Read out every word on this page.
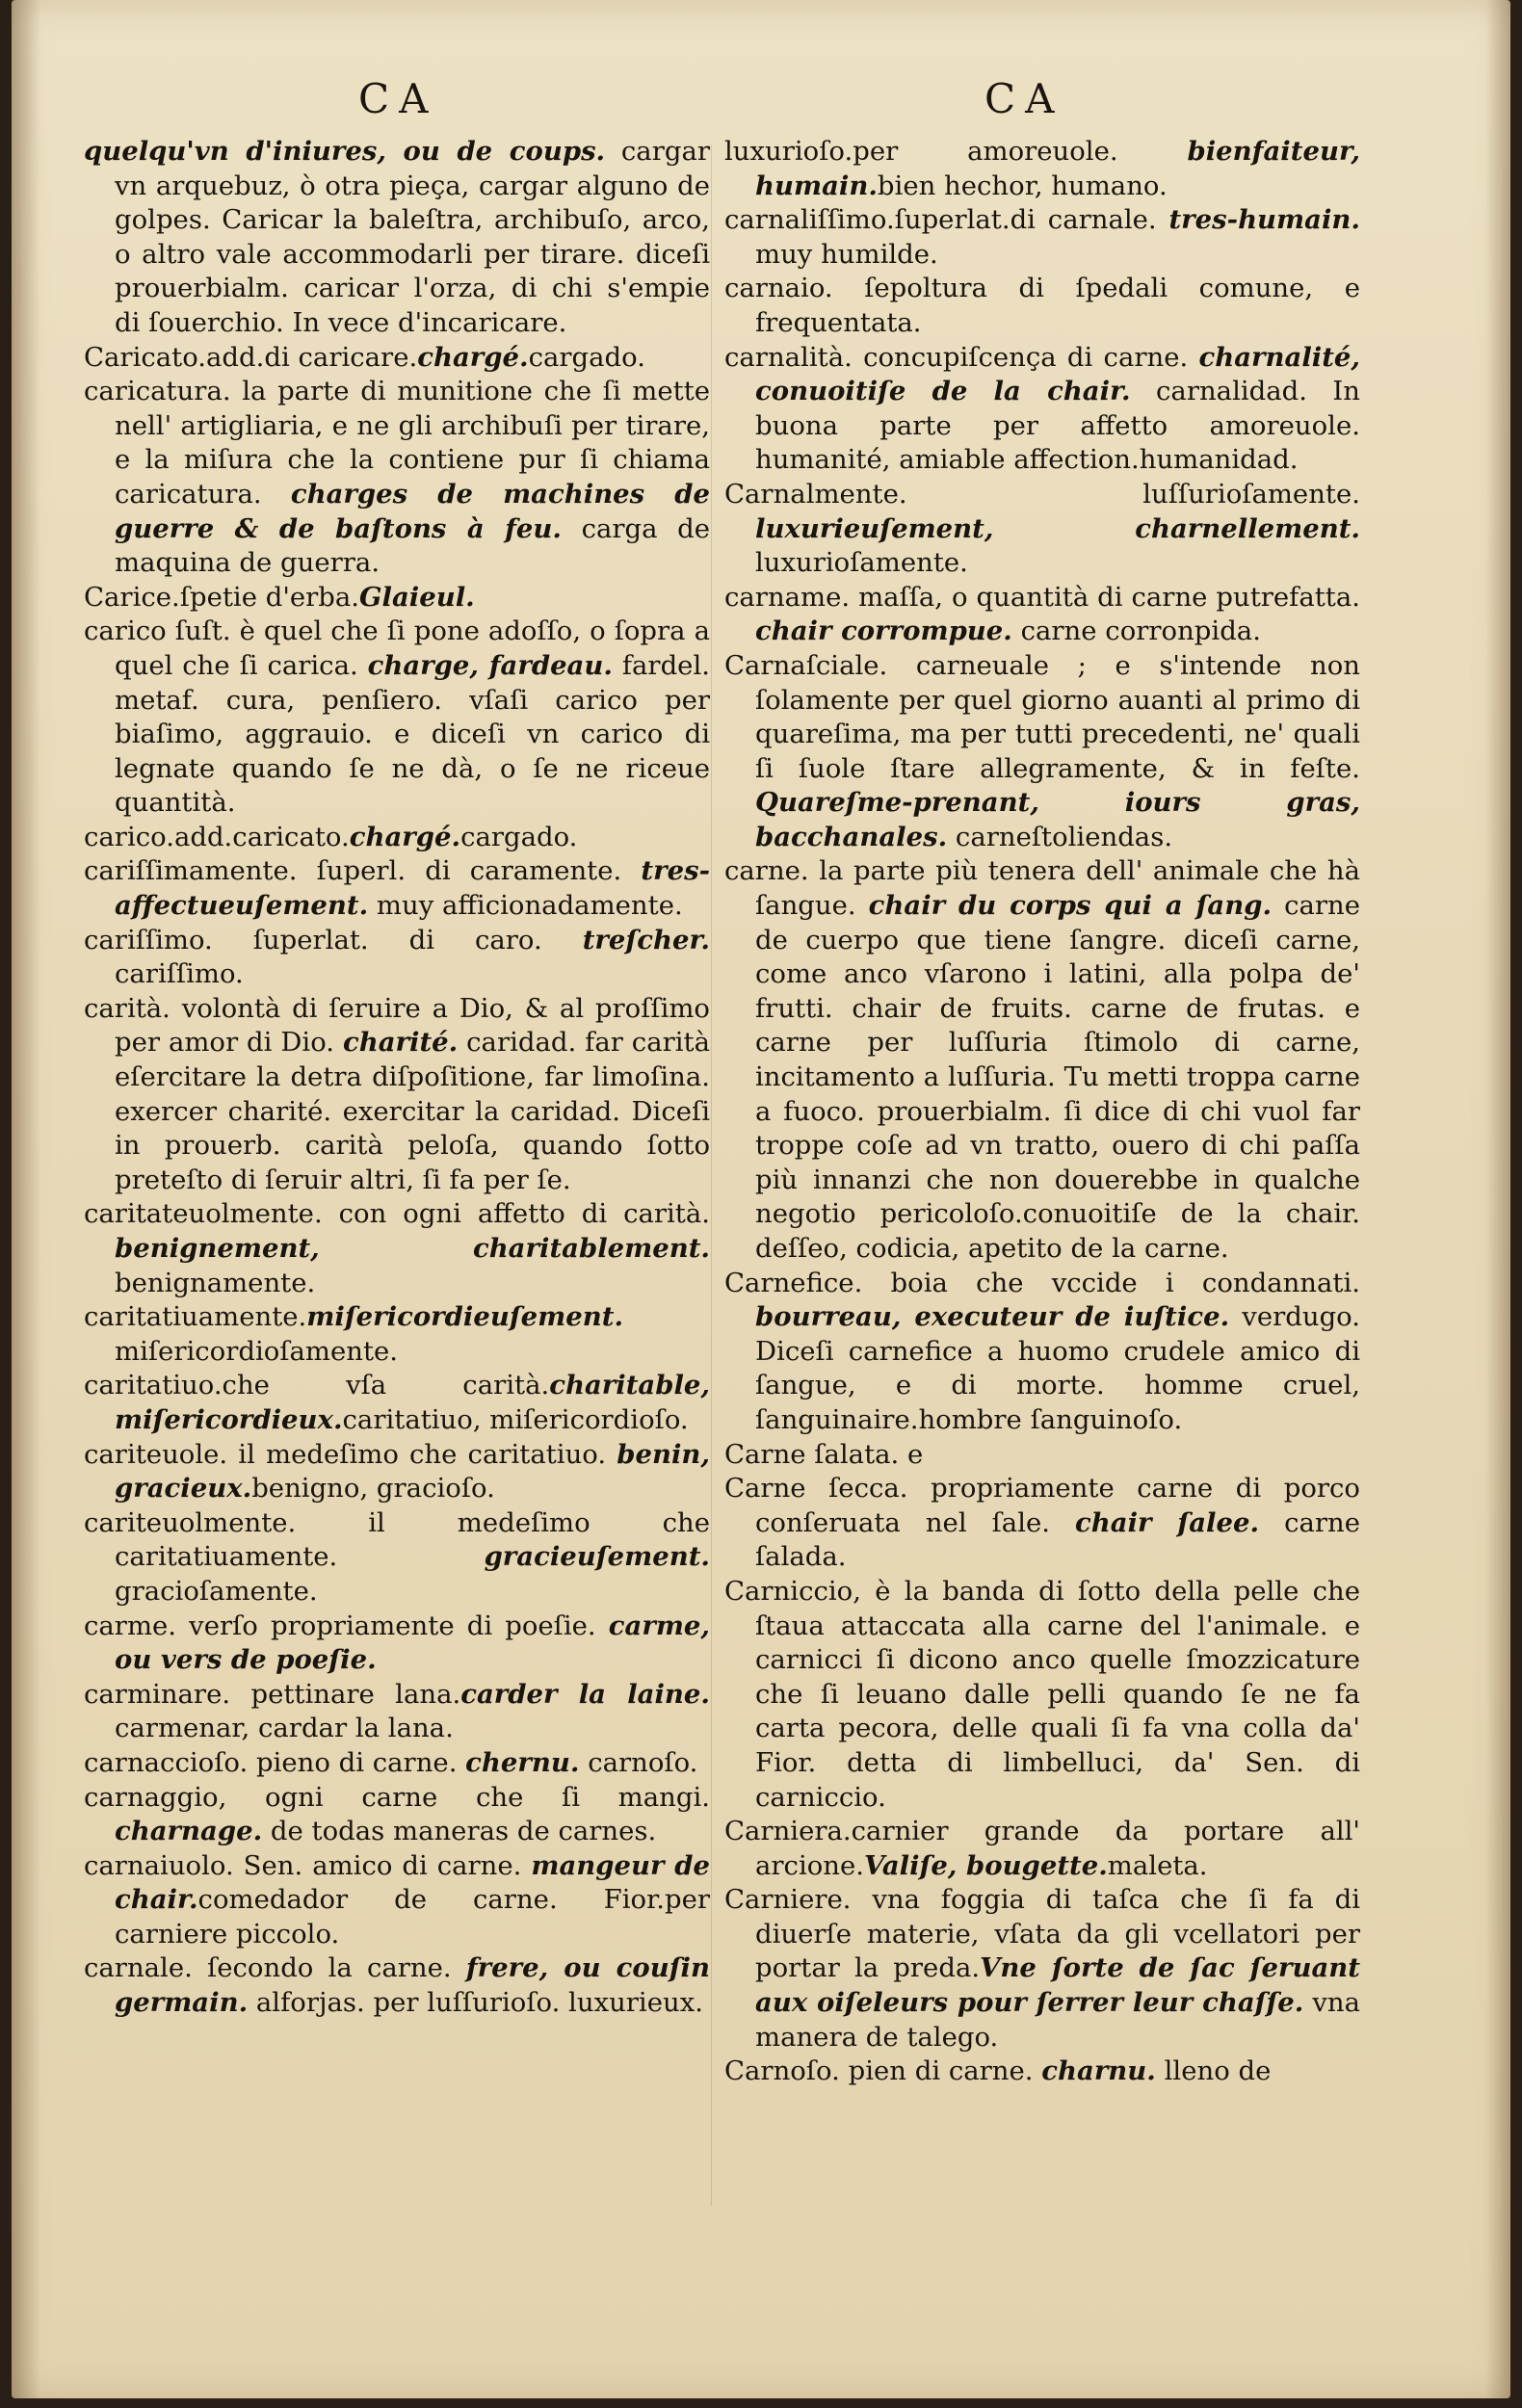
CA	CA

quelqu'vn d'iniures, ou de coups. cargar vn arquebuz, ò otra pieça, cargar alguno de golpes. Caricar la baleſtra, archibuſo, arco, o altro vale accommodarli per tirare. diceſi prouerbialm. caricar l'orza, di chi s'empie di ſouerchio. In vece d'incaricare.

Caricato.add.di caricare.chargé.cargado.

caricatura. la parte di munitione che ſi mette nell' artigliaria, e ne gli archibuſi per tirare, e la miſura che la contiene pur ſi chiama caricatura. charges de machines de guerre & de baſtons à feu. carga de maquina de guerra.

Carice.ſpetie d'erba.Glaieul.

carico ſuſt. è quel che ſi pone adoſſo, o ſopra a quel che ſi carica. charge, fardeau. fardel. metaf. cura, penſiero. vſaſi carico per biaſimo, aggrauio. e diceſi vn carico di legnate quando ſe ne dà, o ſe ne riceue quantità.

carico.add.caricato.chargé.cargado.

cariſſimamente. ſuperl. di caramente. tres-affectueuſement. muy afficionadamente.

cariſſimo. ſuperlat. di caro. treſcher. cariſſimo.

carità. volontà di ſeruire a Dio, & al proſſimo per amor di Dio. charité. caridad. far carità eſercitare la detra diſpoſitione, far limoſina. exercer charité. exercitar la caridad. Diceſi in prouerb. carità peloſa, quando ſotto preteſto di ſeruir altri, ſi fa per ſe.

caritateuolmente. con ogni affetto di carità. benignement, charitablement. benignamente.

caritatiuamente.miſericordieuſement. miſericordioſamente.

caritatiuo.che vſa carità.charitable, miſericordieux.caritatiuo, miſericordioſo.

cariteuole. il medeſimo che caritatiuo. benin, gracieux.benigno, gracioſo.

cariteuolmente. il medeſimo che caritatiuamente. gracieuſement. gracioſamente.

carme. verſo propriamente di poeſie. carme, ou vers de poeſie.

carminare. pettinare lana.carder la laine. carmenar, cardar la lana.

carnaccioſo. pieno di carne. chernu. carnoſo.

carnaggio, ogni carne che ſi mangi. charnage. de todas maneras de carnes.

carnaiuolo. Sen. amico di carne. mangeur de chair.comedador de carne. Fior.per carniere piccolo.

carnale. ſecondo la carne. frere, ou couſin germain. alforjas. per luſſurioſo. luxurieux.

luxurioſo.per amoreuole. bienfaiteur, humain.bien hechor, humano.

carnaliſſimo.ſuperlat.di carnale. tres-humain. muy humilde.

carnaio. ſepoltura di ſpedali comune, e frequentata.

carnalità. concupiſcença di carne. charnalité, conuoitiſe de la chair. carnalidad. In buona parte per affetto amoreuole. humanité, amiable affection.humanidad.

Carnalmente. luſſurioſamente. luxurieuſement, charnellement. luxurioſamente.

carname. maſſa, o quantità di carne putrefatta. chair corrompue. carne corronpida.

Carnaſciale. carneuale ; e s'intende non ſolamente per quel giorno auanti al primo di quareſima, ma per tutti precedenti, ne' quali ſi ſuole ſtare allegramente, & in feſte. Quareſme-prenant, iours gras, bacchanales. carneſtoliendas.

carne. la parte più tenera dell' animale che hà ſangue. chair du corps qui a ſang. carne de cuerpo que tiene ſangre. diceſi carne, come anco vſarono i latini, alla polpa de' frutti. chair de fruits. carne de frutas. e carne per luſſuria ſtimolo di carne, incitamento a luſſuria. Tu metti troppa carne a fuoco. prouerbialm. ſi dice di chi vuol far troppe coſe ad vn tratto, ouero di chi paſſa più innanzi che non douerebbe in qualche negotio pericoloſo.conuoitiſe de la chair. deſſeo, codicia, apetito de la carne.

Carnefice. boia che vccide i condannati. bourreau, executeur de iuſtice. verdugo. Diceſi carnefice a huomo crudele amico di ſangue, e di morte. homme cruel, ſanguinaire.hombre ſanguinoſo.

Carne ſalata. e

Carne ſecca. propriamente carne di porco conſeruata nel ſale. chair ſalee. carne ſalada.

Carniccio, è la banda di ſotto della pelle che ſtaua attaccata alla carne del l'animale. e carnicci ſi dicono anco quelle ſmozzicature che ſi leuano dalle pelli quando ſe ne fa carta pecora, delle quali ſi fa vna colla da' Fior. detta di limbelluci, da' Sen. di carniccio.

Carniera.carnier grande da portare all' arcione.Valiſe, bougette.maleta.

Carniere. vna foggia di taſca che ſi fa di diuerſe materie, vſata da gli vcellatori per portar la preda.Vne ſorte de ſac ſeruant aux oiſeleurs pour ſerrer leur chaſſe. vna manera de talego.

Carnoſo. pien di carne. charnu. lleno de
